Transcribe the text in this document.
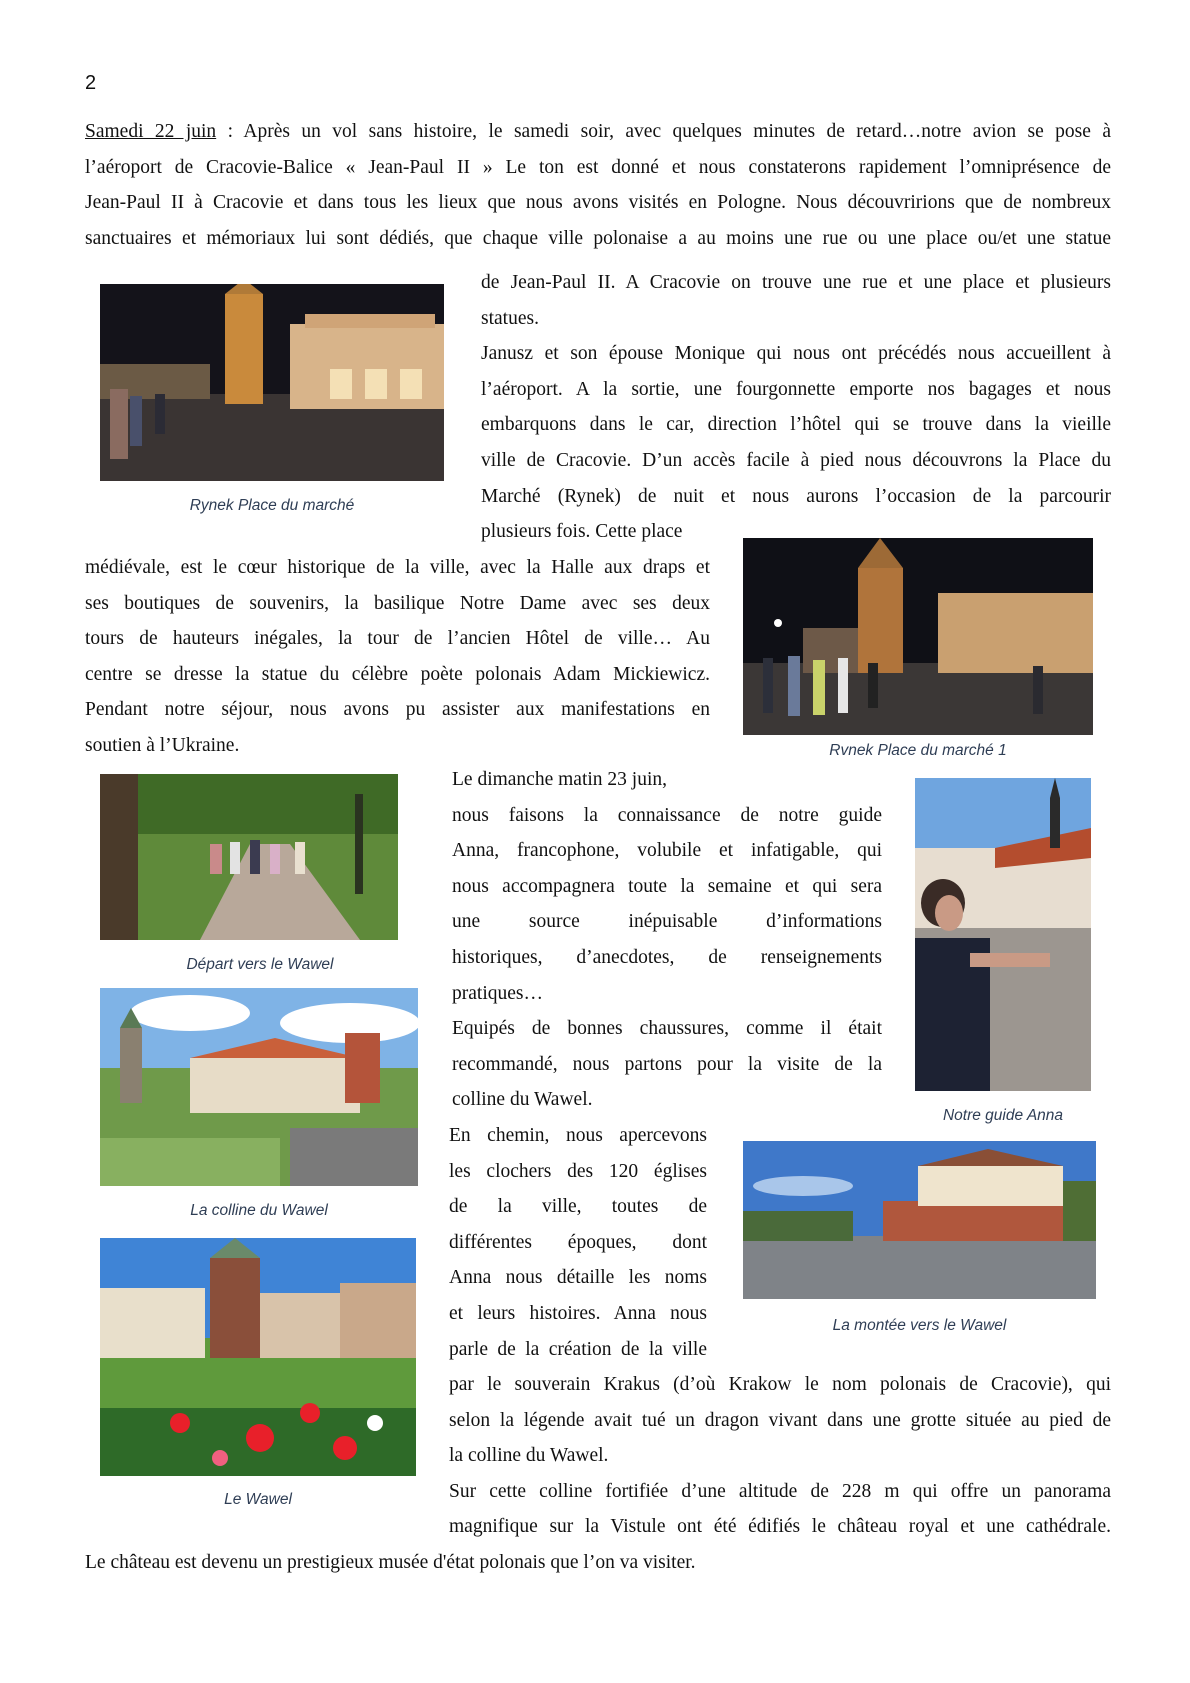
2
Samedi 22 juin : Après un vol sans histoire, le samedi soir, avec quelques minutes de retard…notre avion se pose à
l’aéroport de Cracovie-Balice « Jean-Paul II » Le ton est donné et nous constaterons rapidement l’omniprésence de
Jean-Paul II à Cracovie et dans tous les lieux que nous avons visités en Pologne. Nous découvririons que de nombreux
sanctuaires et mémoriaux lui sont dédiés, que chaque ville polonaise a au moins une rue ou une place ou/et une statue
Rynek Place du marché
de Jean-Paul II. A Cracovie on trouve une rue et une place et plusieurs
statues.
Janusz et son épouse Monique qui nous ont précédés nous accueillent à
l’aéroport. A la sortie, une fourgonnette emporte nos bagages et nous
embarquons dans le car, direction l’hôtel qui se trouve dans la vieille
ville de Cracovie. D’un accès facile à pied nous découvrons la Place du
Marché (Rynek) de nuit et nous aurons l’occasion de la parcourir
plusieurs fois. Cette place
médiévale, est le cœur historique de la ville, avec la Halle aux draps et
ses boutiques de souvenirs, la basilique Notre Dame avec ses deux
tours de hauteurs inégales, la tour de l’ancien Hôtel de ville… Au
centre se dresse la statue du célèbre poète polonais Adam Mickiewicz.
Pendant notre séjour, nous avons pu assister aux manifestations en
soutien à l’Ukraine.	Rvnek Place du marché 1
Départ vers le Wawel
Le dimanche matin 23 juin,
nous faisons la connaissance de notre guide
Anna, francophone, volubile et infatigable, qui
nous accompagnera toute la semaine et qui sera
une source inépuisable d’informations
historiques, d’anecdotes, de renseignements
pratiques…
Equipés de bonnes chaussures, comme il était
recommandé, nous partons pour la visite de la
colline du Wawel.
Notre guide Anna
La colline du Wawel
En chemin, nous apercevons
les clochers des 120 églises
de la ville, toutes de
différentes époques, dont
Anna nous détaille les noms
et leurs histoires. Anna nous
parle de la création de la ville
La montée vers le Wawel
Le Wawel
par le souverain Krakus (d’où Krakow le nom polonais de Cracovie), qui
selon la légende avait tué un dragon vivant dans une grotte située au pied de
la colline du Wawel.
Sur cette colline fortifiée d’une altitude de 228 m qui offre un panorama
magnifique sur la Vistule ont été édifiés le château royal et une cathédrale.
Le château est devenu un prestigieux musée d'état polonais que l’on va visiter.
